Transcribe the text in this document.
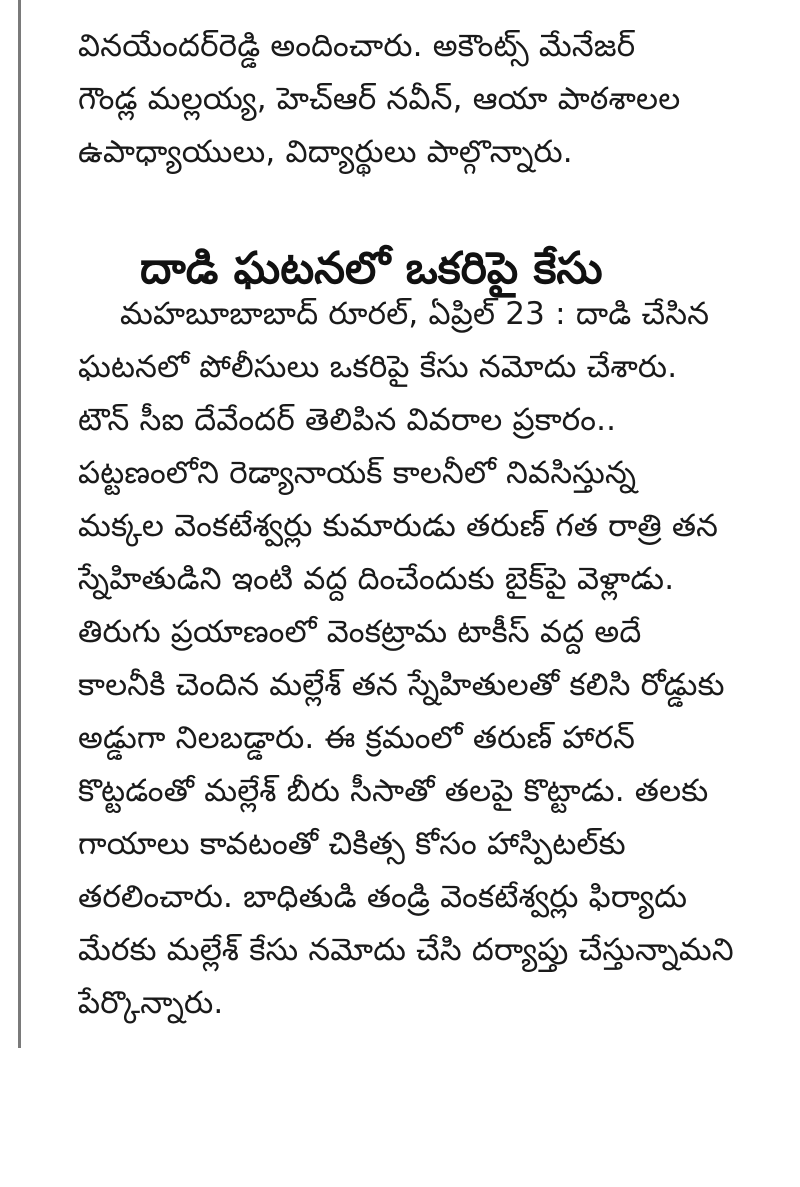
వినయేందర్‌రెడ్డి అందించారు. అకౌంట్స్ మేనేజర్
గౌండ్ల మల్లయ్య, హెచ్‌ఆర్ నవీన్, ఆయా పాఠశాలల
ఉపాధ్యాయులు, విద్యార్థులు పాల్గొన్నారు.
దాడి ఘటనలో ఒకరిపై కేసు
మహబూబాబాద్ రూరల్, ఏప్రిల్ 23 : దాడి చేసిన
ఘటనలో పోలీసులు ఒకరిపై కేసు నమోదు చేశారు.
టౌన్ సీఐ దేవేందర్ తెలిపిన వివరాల ప్రకారం..
పట్టణంలోని రెడ్యానాయక్ కాలనీలో నివసిస్తున్న
మక్కల వెంకటేశ్వర్లు కుమారుడు తరుణ్ గత రాత్రి తన
స్నేహితుడిని ఇంటి వద్ద దించేందుకు బైక్‌పై వెళ్లాడు.
తిరుగు ప్రయాణంలో వెంకట్రామ టాకీస్ వద్ద అదే
కాలనీకి చెందిన మల్లేశ్ తన స్నేహితులతో కలిసి రోడ్డుకు
అడ్డుగా నిలబడ్డారు. ఈ క్రమంలో తరుణ్ హారన్
కొట్టడంతో మల్లేశ్ బీరు సీసాతో తలపై కొట్టాడు. తలకు
గాయాలు కావటంతో చికిత్స కోసం హాస్పిటల్‌కు
తరలించారు. బాధితుడి తండ్రి వెంకటేశ్వర్లు ఫిర్యాదు
మేరకు మల్లేశ్ కేసు నమోదు చేసి దర్యాప్తు చేస్తున్నామని
పేర్కొన్నారు.
